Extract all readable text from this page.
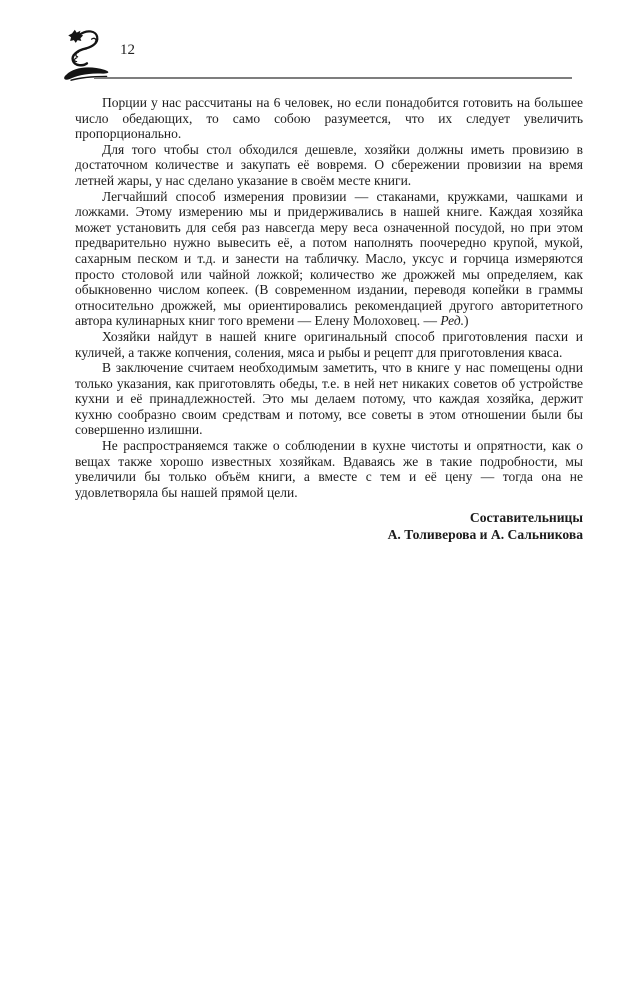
12

Порции у нас рассчитаны на 6 человек, но если понадобится готовить на большее число обедающих, то само собою разумеется, что их следует увеличить пропорционально.

Для того чтобы стол обходился дешевле, хозяйки должны иметь провизию в достаточном количестве и закупать её вовремя. О сбережении провизии на время летней жары, у нас сделано указание в своём месте книги.

Легчайший способ измерения провизии — стаканами, кружками, чашками и ложками. Этому измерению мы и придерживались в нашей книге. Каждая хозяйка может установить для себя раз навсегда меру веса означенной посудой, но при этом предварительно нужно вывесить её, а потом наполнять поочередно крупой, мукой, сахарным песком и т.д. и занести на табличку. Масло, уксус и горчица измеряются просто столовой или чайной ложкой; количество же дрожжей мы определяем, как обыкновенно числом копеек. (В современном издании, переводя копейки в граммы относительно дрожжей, мы ориентировались рекомендацией другого авторитетного автора кулинарных книг того времени — Елену Молоховец. — Ред.)

Хозяйки найдут в нашей книге оригинальный способ приготовления пасхи и куличей, а также копчения, соления, мяса и рыбы и рецепт для приготовления кваса.

В заключение считаем необходимым заметить, что в книге у нас помещены одни только указания, как приготовлять обеды, т.е. в ней нет никаких советов об устройстве кухни и её принадлежностей. Это мы делаем потому, что каждая хозяйка, держит кухню сообразно своим средствам и потому, все советы в этом отношении были бы совершенно излишни.

Не распространяемся также о соблюдении в кухне чистоты и опрятности, как о вещах также хорошо известных хозяйкам. Вдаваясь же в такие подробности, мы увеличили бы только объём книги, а вместе с тем и её цену — тогда она не удовлетворяла бы нашей прямой цели.

Составительницы
А. Толиверова и А. Сальникова
